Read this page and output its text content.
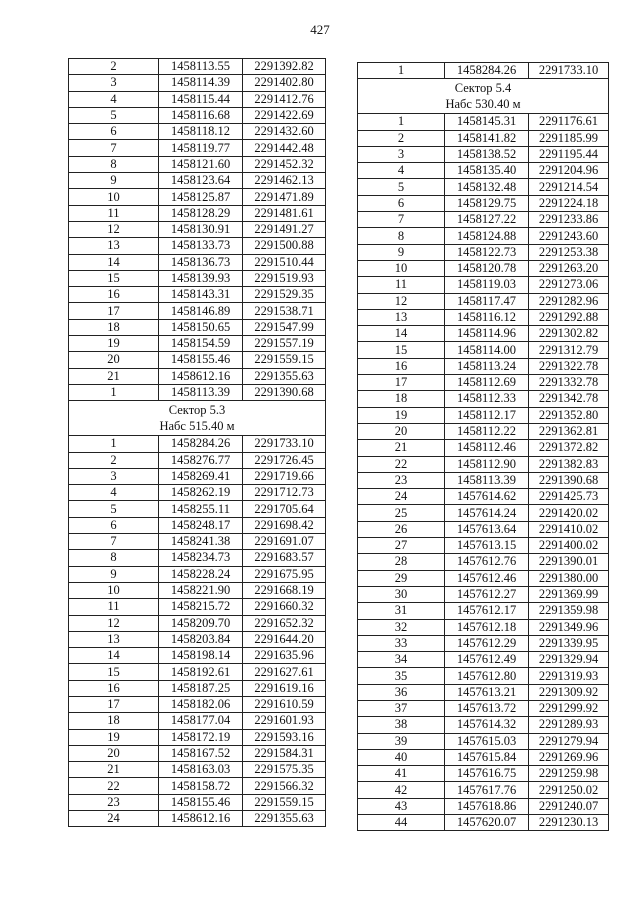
427
2	1458113.55	2291392.82
3	1458114.39	2291402.80
4	1458115.44	2291412.76
5	1458116.68	2291422.69
6	1458118.12	2291432.60
7	1458119.77	2291442.48
8	1458121.60	2291452.32
9	1458123.64	2291462.13
10	1458125.87	2291471.89
11	1458128.29	2291481.61
12	1458130.91	2291491.27
13	1458133.73	2291500.88
14	1458136.73	2291510.44
15	1458139.93	2291519.93
16	1458143.31	2291529.35
17	1458146.89	2291538.71
18	1458150.65	2291547.99
19	1458154.59	2291557.19
20	1458155.46	2291559.15
21	1458612.16	2291355.63
1	1458113.39	2291390.68

Сектор 5.3
Набс 515.40 м		

1	1458284.26	2291733.10
2	1458276.77	2291726.45
3	1458269.41	2291719.66
4	1458262.19	2291712.73
5	1458255.11	2291705.64
6	1458248.17	2291698.42
7	1458241.38	2291691.07
8	1458234.73	2291683.57
9	1458228.24	2291675.95
10	1458221.90	2291668.19
11	1458215.72	2291660.32
12	1458209.70	2291652.32
13	1458203.84	2291644.20
14	1458198.14	2291635.96
15	1458192.61	2291627.61
16	1458187.25	2291619.16
17	1458182.06	2291610.59
18	1458177.04	2291601.93
19	1458172.19	2291593.16
20	1458167.52	2291584.31
21	1458163.03	2291575.35
22	1458158.72	2291566.32
23	1458155.46	2291559.15
24	1458612.16	2291355.63
1	1458284.26	2291733.10

Сектор 5.4
Набс 530.40 м		

1	1458145.31	2291176.61
2	1458141.82	2291185.99
3	1458138.52	2291195.44
4	1458135.40	2291204.96
5	1458132.48	2291214.54
6	1458129.75	2291224.18
7	1458127.22	2291233.86
8	1458124.88	2291243.60
9	1458122.73	2291253.38
10	1458120.78	2291263.20
11	1458119.03	2291273.06
12	1458117.47	2291282.96
13	1458116.12	2291292.88
14	1458114.96	2291302.82
15	1458114.00	2291312.79
16	1458113.24	2291322.78
17	1458112.69	2291332.78
18	1458112.33	2291342.78
19	1458112.17	2291352.80
20	1458112.22	2291362.81
21	1458112.46	2291372.82
22	1458112.90	2291382.83
23	1458113.39	2291390.68
24	1457614.62	2291425.73
25	1457614.24	2291420.02
26	1457613.64	2291410.02
27	1457613.15	2291400.02
28	1457612.76	2291390.01
29	1457612.46	2291380.00
30	1457612.27	2291369.99
31	1457612.17	2291359.98
32	1457612.18	2291349.96
33	1457612.29	2291339.95
34	1457612.49	2291329.94
35	1457612.80	2291319.93
36	1457613.21	2291309.92
37	1457613.72	2291299.92
38	1457614.32	2291289.93
39	1457615.03	2291279.94
40	1457615.84	2291269.96
41	1457616.75	2291259.98
42	1457617.76	2291250.02
43	1457618.86	2291240.07
44	1457620.07	2291230.13
